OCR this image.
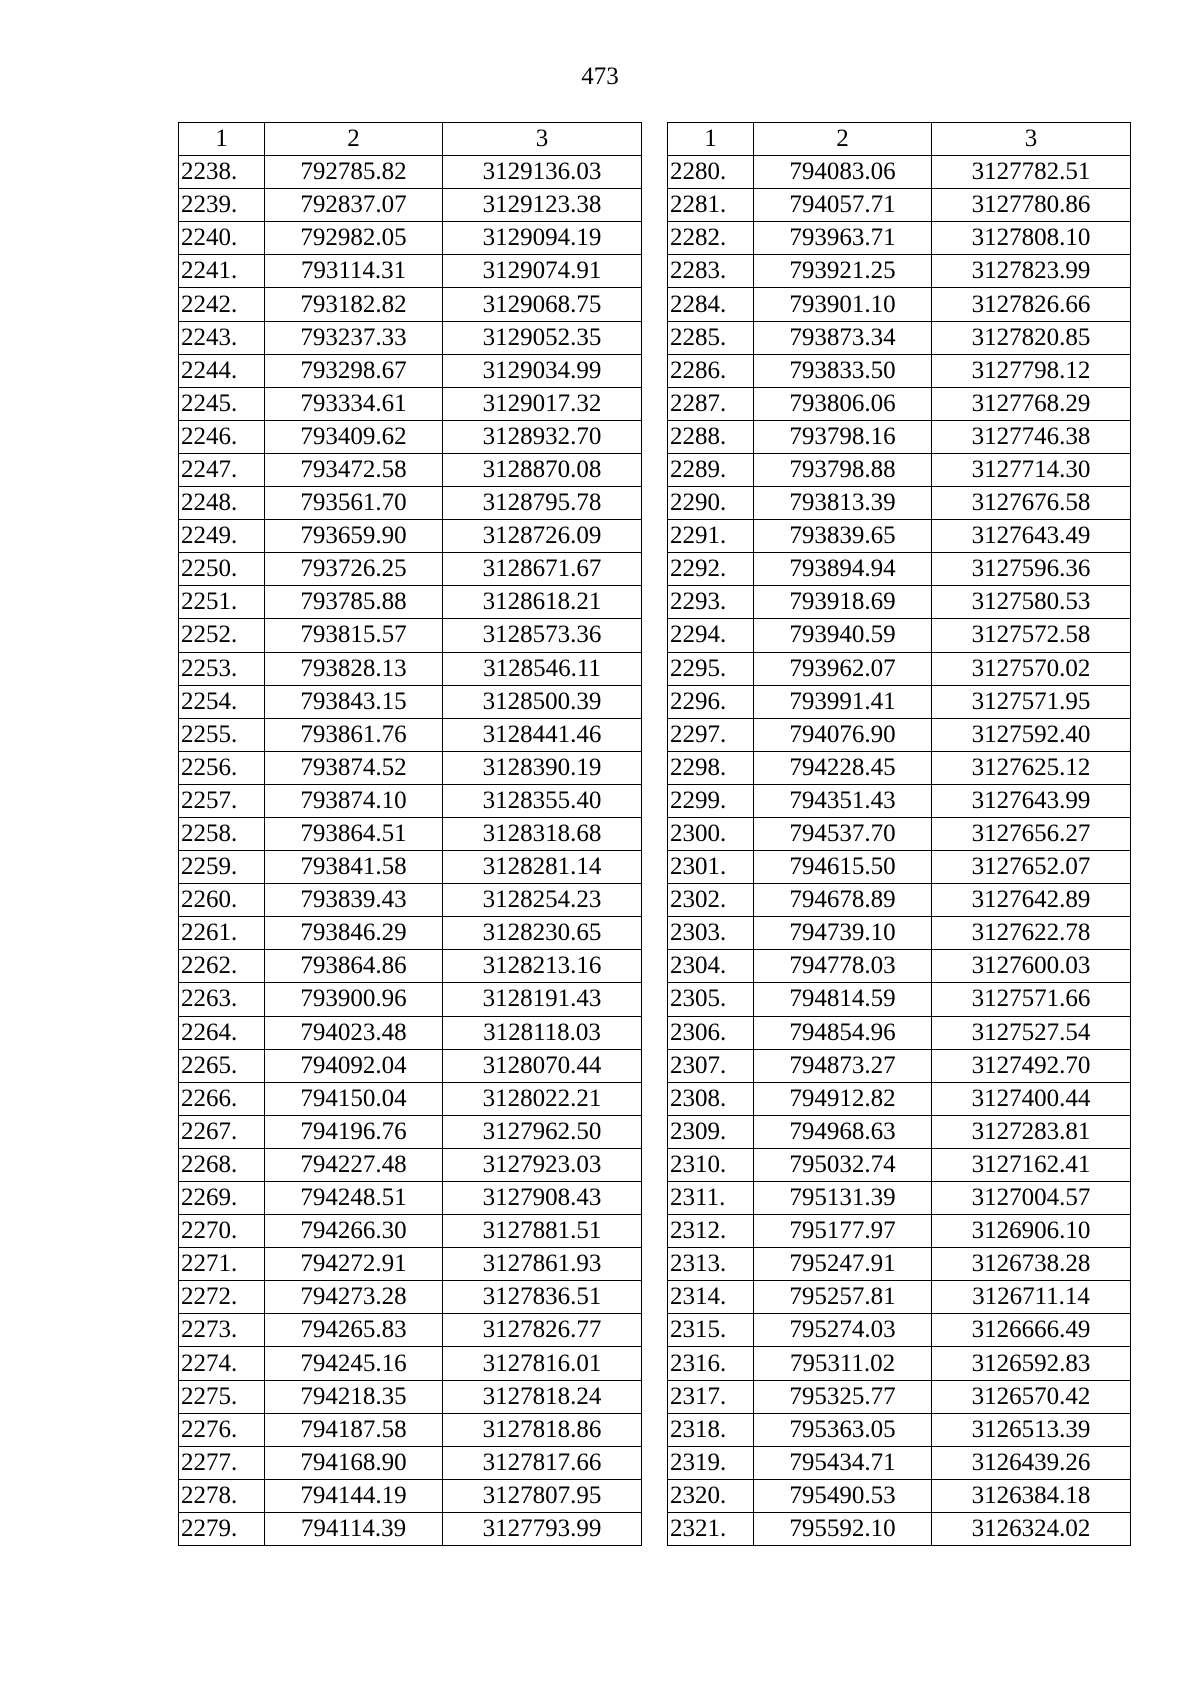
473
1	2	3
2238.	792785.82	3129136.03
2239.	792837.07	3129123.38
2240.	792982.05	3129094.19
2241.	793114.31	3129074.91
2242.	793182.82	3129068.75
2243.	793237.33	3129052.35
2244.	793298.67	3129034.99
2245.	793334.61	3129017.32
2246.	793409.62	3128932.70
2247.	793472.58	3128870.08
2248.	793561.70	3128795.78
2249.	793659.90	3128726.09
2250.	793726.25	3128671.67
2251.	793785.88	3128618.21
2252.	793815.57	3128573.36
2253.	793828.13	3128546.11
2254.	793843.15	3128500.39
2255.	793861.76	3128441.46
2256.	793874.52	3128390.19
2257.	793874.10	3128355.40
2258.	793864.51	3128318.68
2259.	793841.58	3128281.14
2260.	793839.43	3128254.23
2261.	793846.29	3128230.65
2262.	793864.86	3128213.16
2263.	793900.96	3128191.43
2264.	794023.48	3128118.03
2265.	794092.04	3128070.44
2266.	794150.04	3128022.21
2267.	794196.76	3127962.50
2268.	794227.48	3127923.03
2269.	794248.51	3127908.43
2270.	794266.30	3127881.51
2271.	794272.91	3127861.93
2272.	794273.28	3127836.51
2273.	794265.83	3127826.77
2274.	794245.16	3127816.01
2275.	794218.35	3127818.24
2276.	794187.58	3127818.86
2277.	794168.90	3127817.66
2278.	794144.19	3127807.95
2279.	794114.39	3127793.99
1	2	3
2280.	794083.06	3127782.51
2281.	794057.71	3127780.86
2282.	793963.71	3127808.10
2283.	793921.25	3127823.99
2284.	793901.10	3127826.66
2285.	793873.34	3127820.85
2286.	793833.50	3127798.12
2287.	793806.06	3127768.29
2288.	793798.16	3127746.38
2289.	793798.88	3127714.30
2290.	793813.39	3127676.58
2291.	793839.65	3127643.49
2292.	793894.94	3127596.36
2293.	793918.69	3127580.53
2294.	793940.59	3127572.58
2295.	793962.07	3127570.02
2296.	793991.41	3127571.95
2297.	794076.90	3127592.40
2298.	794228.45	3127625.12
2299.	794351.43	3127643.99
2300.	794537.70	3127656.27
2301.	794615.50	3127652.07
2302.	794678.89	3127642.89
2303.	794739.10	3127622.78
2304.	794778.03	3127600.03
2305.	794814.59	3127571.66
2306.	794854.96	3127527.54
2307.	794873.27	3127492.70
2308.	794912.82	3127400.44
2309.	794968.63	3127283.81
2310.	795032.74	3127162.41
2311.	795131.39	3127004.57
2312.	795177.97	3126906.10
2313.	795247.91	3126738.28
2314.	795257.81	3126711.14
2315.	795274.03	3126666.49
2316.	795311.02	3126592.83
2317.	795325.77	3126570.42
2318.	795363.05	3126513.39
2319.	795434.71	3126439.26
2320.	795490.53	3126384.18
2321.	795592.10	3126324.02
